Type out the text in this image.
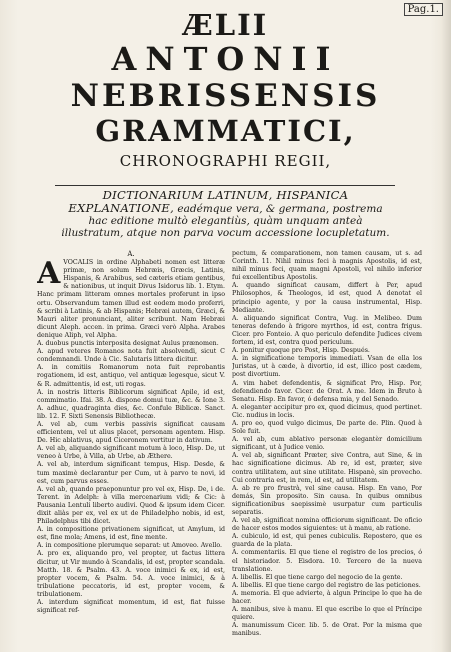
Pag.1.
ÆLII
ANTONII
NEBRISSENSIS
GRAMMATICI,
CHRONOGRAPHI REGII,
DICTIONARIUM LATINUM, HISPANICA EXPLANATIONE, eadémque vera, & germana, postrema hac editione multò elegantiùs, quàm unquam anteà illustratum, atque non parva vocum accessione locupletatum.
A.
A VOCALIS in ordine Alphabeti nomen est litteræ primæ, non solum Hebræis, Græcis, Latinis, Hispanis, & Arabibus, sed cæteris etiam gentibus, & nationibus, ut inquit Divus Isidorus lib. 1. Etym. Hanc primam litteram omnes mortales proferunt in ipso ortu. Observandum tamen illud est eodem modo proferri, & scribi à Latinis, & ab Hispanis; Hebræi autem, Græci, & Mauri aliter pronunciant, aliter scribunt. Nam Hebræi dicunt Aleph. accen. in prima. Græci verò Alpha. Arabes denique Aliph, vel Alpha.

A. duobus punctis interposita designat Aulus prænomen.

A. apud veteres Romanos nota fuit absolvendi, sicut C condemnandi. Unde à Cic. Salutaris littera dicitur.

A. in comitiis Romanorum nota fuit reprobantis rogationem, id est, antiquo, vel antiquæ legesque, sicut V. & R. admittentis, id est, uti rogas.

A. in nostris litteris Biblicorum significat Apile, id est, commimatio. Ifai. 38. A. dispone domui tuæ, &c. & Ione 3. A. adhuc, quadraginta dies, &c. Confule Biblicæ. Sanct. lib. 12. F. Sixti Senensis Bibliothecæ.

A. vel ab, cum verbis passivis significat causam efficientem, vel ut alius placet, personam agentem. Hisp. De. Hic ablativus, apud Ciceronem vertitur in dativum.

A. vel ab, aliquando significant motum à loco, Hisp. De, ut veneo à Urbe, à Villa, ab Urbe, ab Æthere.

A. vel ab, interdum significant tempus, Hisp. Desde, & tum maximè declarantur per Cum, ut à parvo te novi, id est, cum parvus esses.

A. vel ab, quando praeponuntur pro vel ex, Hisp. De, i de. Terent. in Adelph: à villa mercenarium vidi; & Cic: à Pausania Lentuli liberto audivi. Quod & ipsum idem Cicer. dixit aliàs per ex, vel ex ut de Philadelpho nobis, id est, Philadelphus tibi dicet.

A. in compositione privationem significat, ut Amylum, id est, fine mola; Amens, id est, fine mente.

A. in compositione plerumque separat: ut Amoveo. Avello.

A. pro ex, aliquando pro, vel propter, ut factus littera dicitur, ut Vir mundo à Scandalis, id est, propter scandala. Matth. 18. & Psalm. 43. A. voce inimici & ex, id est, propter vocem, & Psalm. 54. A. voce inimici, & à tribulatione peccatoris, id est, propter vocem, & tribulationem.

A. interdum significat momentum, id est, fiat fuisse significat ref-

pectum, & comparationem, non tamen causam, ut s. ad Corinth. 11. Nihil minus feci à magnis Apostolis, id est, nihil minus feci, quam magni Apostoli, vel nihilo inferior fui excellentibus Apostolis.

A. quando significat causam, differt à Per, apud Philosophos, & Theologos, id est, quod A denotat el principio agente, y por la causa instrumental, Hisp. Mediante.

A. aliquando significat Contra, Vug. in Melibeo. Dum teneras defendo à frigore myrthos, id est, contra frigus. Cicer. pro Fonteio. A quo periculo defendite Judices civem fortem, id est, contra quod periculum.

A. ponitur quoque pro Post, Hisp. Después.

A. in significatione temporis immediati. Vsan de ella los Juristas, ut à cæde, à divortio, id est, illico post cædem, post divortium.

A. vim habet defendentis, & significat Pro, Hisp. Por, defendiendo favor. Cicer. de Orat. A me. Idem in Bruto à Senatu. Hisp. En favor, ó defensa mia, y del Senado.

A. eleganter accipitur pro ex, quod dicimus, quod pertinet. Cic. nudius in locis.

A. pro eo, quod vulgo dicimus, De parte de. Plin. Quod à Sole fuit.

A. vel ab, cum ablativo personæ elegantèr domicilium significant, ut à Judice venio.

A. vel ab, significant Præter, sive Contra, aut Sine, & in hac significatione dicimus. Ab re, id est, præter, sive contra utilitatem, aut sine utilitate. Hispanè, sin provecho. Cui contraria est, in rem, id est, ad utilitatem.

A. ab re pro frustrà, vel sine causa. Hisp. En vano, Por demás, Sin proposito. Sin causa. In quibus omnibus significationibus saepissimè usurpatur cum particulis separatis.

A. vel ab, significat nomina officiorum significant. De oficio de hacer estos modos siguientes: ut à manu, ab ratione.

A. cubiculo, id est, qui penes cubiculis. Repostero, que es guarda de la plata.

A. commentariis. El que tiene el registro de los precios, ó el historiador. 5. Eisdora. 10. Tercero de la nueva translatione.

A. libellis. El que tiene cargo del negocio de la gente.

A. libellis. El que tiene cargo del registro de las peticiones.

A. memoria. El que advierte, à algun Principe lo que ha de hacer.

A. manibus, sive à manu. El que escribe lo que el Príncipe quiere.

A. manumissum Cicer. lib. 5. de Orat. Por la misma que manibus.
